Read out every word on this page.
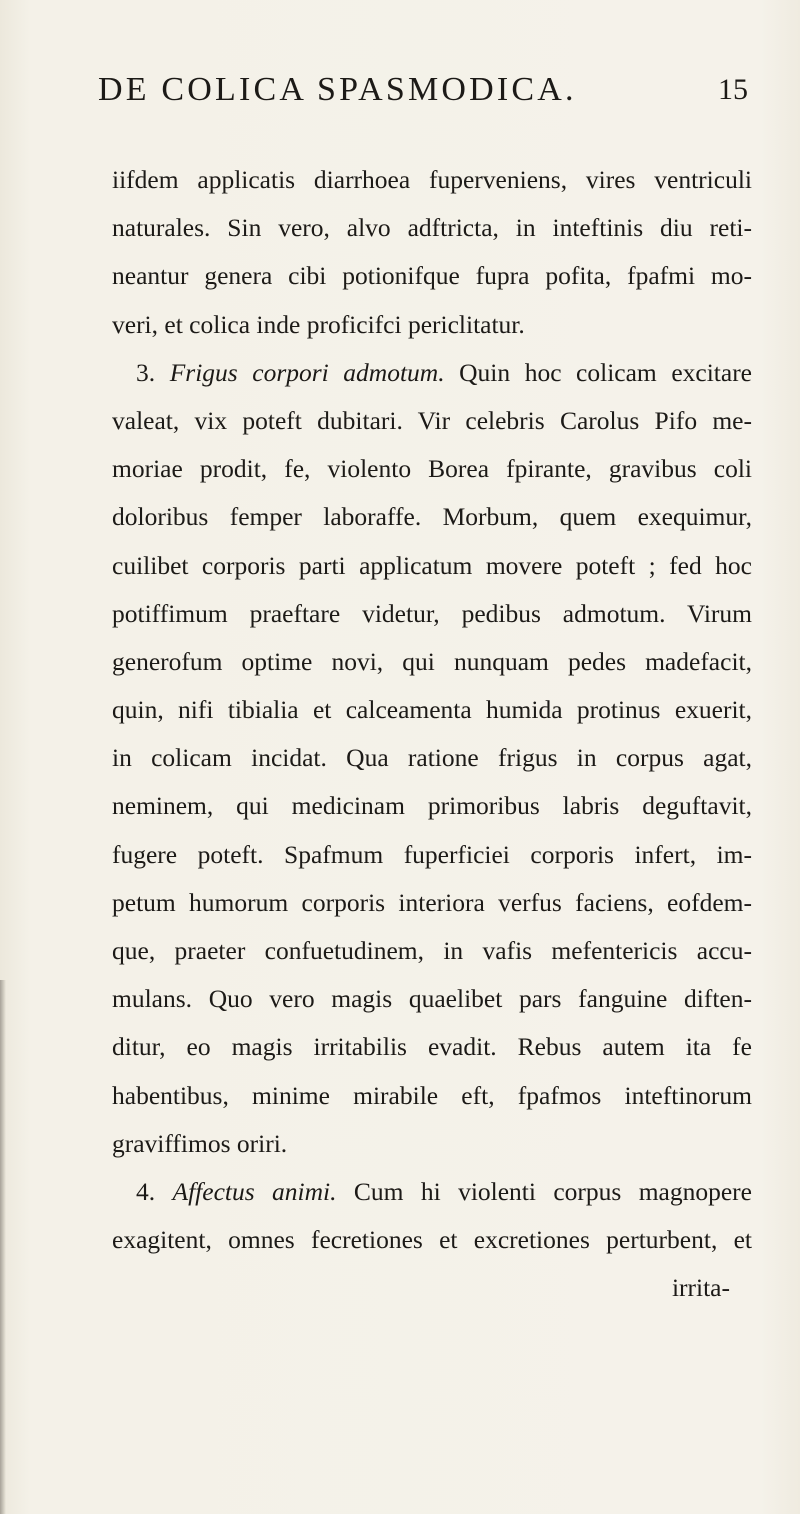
DE COLICA SPASMODICA.	15
iifdem applicatis diarrhoea fuperveniens, vires ventriculi
naturales. Sin vero, alvo adftricta, in inteftinis diu reti-
neantur genera cibi potionifque fupra pofita, fpafmi mo-
veri, et colica inde proficifci periclitatur.
3. Frigus corpori admotum. Quin hoc colicam excitare
valeat, vix poteft dubitari. Vir celebris Carolus Pifo me-
moriae prodit, fe, violento Borea fpirante, gravibus coli
doloribus femper laboraffe. Morbum, quem exequimur,
cuilibet corporis parti applicatum movere poteft ; fed hoc
potiffimum praeftare videtur, pedibus admotum. Virum
generofum optime novi, qui nunquam pedes madefacit,
quin, nifi tibialia et calceamenta humida protinus exuerit,
in colicam incidat. Qua ratione frigus in corpus agat,
neminem, qui medicinam primoribus labris deguftavit,
fugere poteft. Spafmum fuperficiei corporis infert, im-
petum humorum corporis interiora verfus faciens, eofdem-
que, praeter confuetudinem, in vafis mefentericis accu-
mulans. Quo vero magis quaelibet pars fanguine diften-
ditur, eo magis irritabilis evadit. Rebus autem ita fe
habentibus, minime mirabile eft, fpafmos inteftinorum
graviffimos oriri.
4. Affectus animi. Cum hi violenti corpus magnopere
exagitent, omnes fecretiones et excretiones perturbent, et
irrita-
